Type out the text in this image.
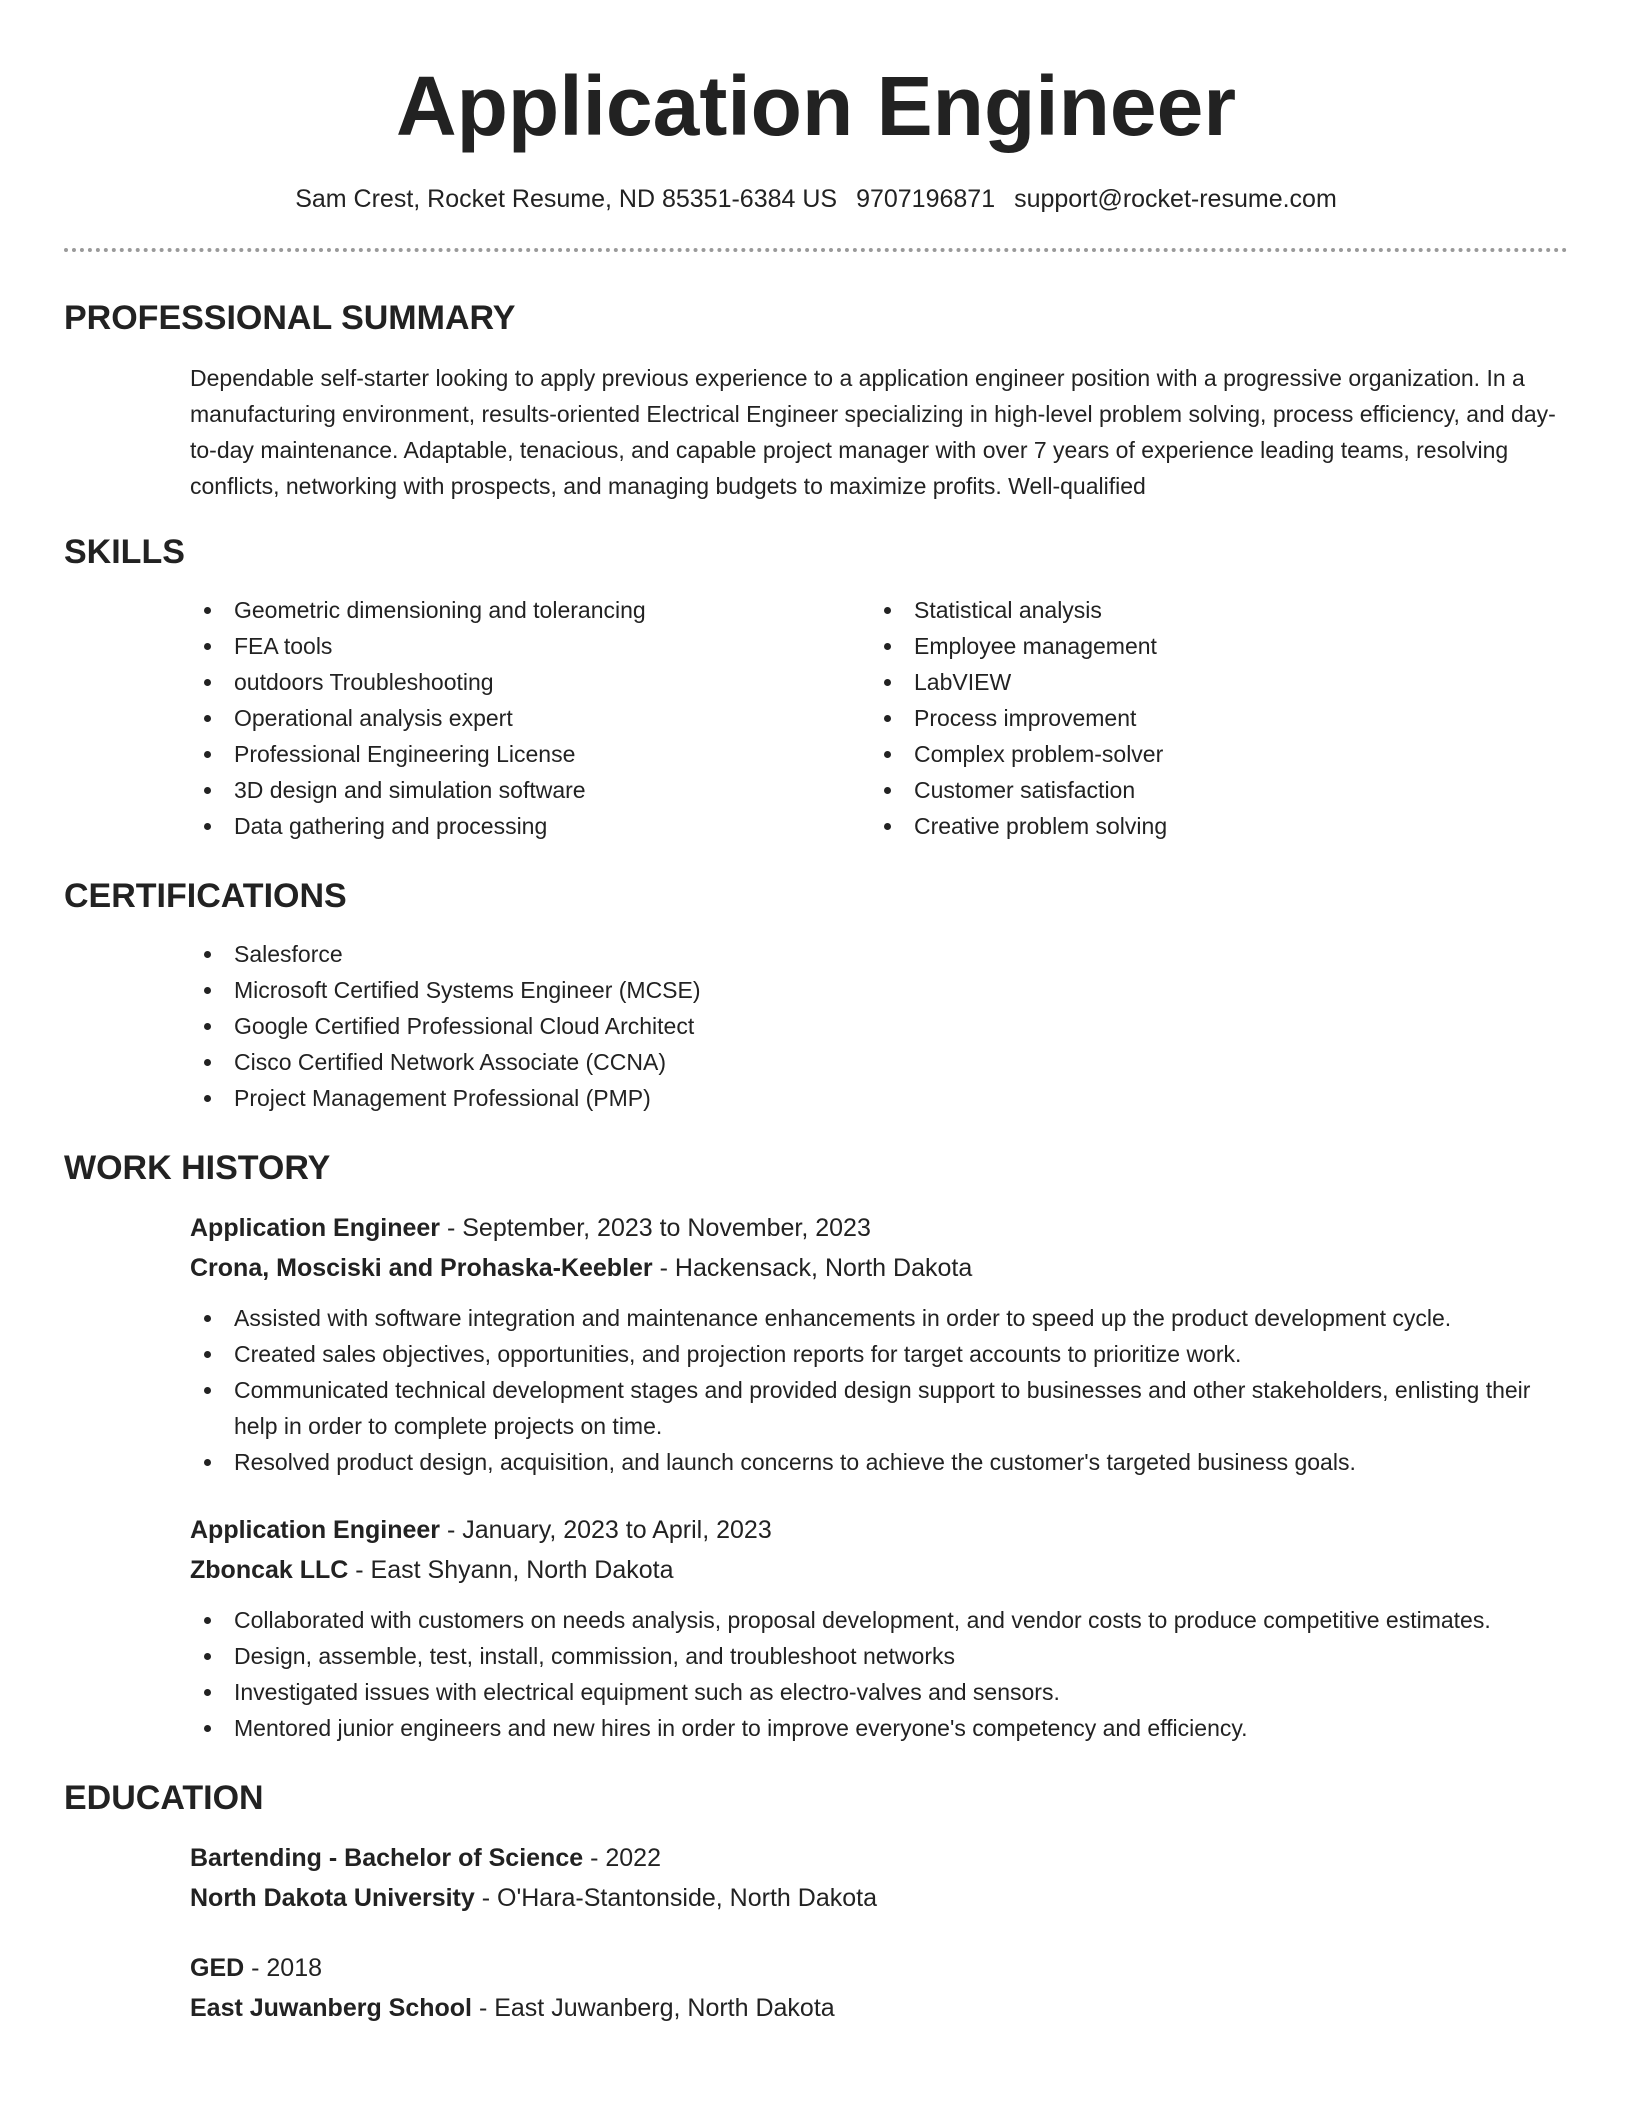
Application Engineer
Sam Crest, Rocket Resume, ND 85351-6384 US 9707196871 support@rocket-resume.com
PROFESSIONAL SUMMARY

Dependable self-starter looking to apply previous experience to a application engineer position with a progressive organization. In a manufacturing environment, results-oriented Electrical Engineer specializing in high-level problem solving, process efficiency, and day-to-day maintenance. Adaptable, tenacious, and capable project manager with over 7 years of experience leading teams, resolving conflicts, networking with prospects, and managing budgets to maximize profits. Well-qualified

SKILLS
Geometric dimensioning and tolerancing
FEA tools
outdoors Troubleshooting
Operational analysis expert
Professional Engineering License
3D design and simulation software
Data gathering and processing
Statistical analysis
Employee management
LabVIEW
Process improvement
Complex problem-solver
Customer satisfaction
Creative problem solving
CERTIFICATIONS
Salesforce
Microsoft Certified Systems Engineer (MCSE)
Google Certified Professional Cloud Architect
Cisco Certified Network Associate (CCNA)
Project Management Professional (PMP)
WORK HISTORY
Application Engineer - September, 2023 to November, 2023
Crona, Mosciski and Prohaska-Keebler - Hackensack, North Dakota
Assisted with software integration and maintenance enhancements in order to speed up the product development cycle.
Created sales objectives, opportunities, and projection reports for target accounts to prioritize work.
Communicated technical development stages and provided design support to businesses and other stakeholders, enlisting their help in order to complete projects on time.
Resolved product design, acquisition, and launch concerns to achieve the customer's targeted business goals.
Application Engineer - January, 2023 to April, 2023
Zboncak LLC - East Shyann, North Dakota
Collaborated with customers on needs analysis, proposal development, and vendor costs to produce competitive estimates.
Design, assemble, test, install, commission, and troubleshoot networks
Investigated issues with electrical equipment such as electro-valves and sensors.
Mentored junior engineers and new hires in order to improve everyone's competency and efficiency.
EDUCATION
Bartending - Bachelor of Science - 2022
North Dakota University - O'Hara-Stantonside, North Dakota
GED - 2018
East Juwanberg School - East Juwanberg, North Dakota
